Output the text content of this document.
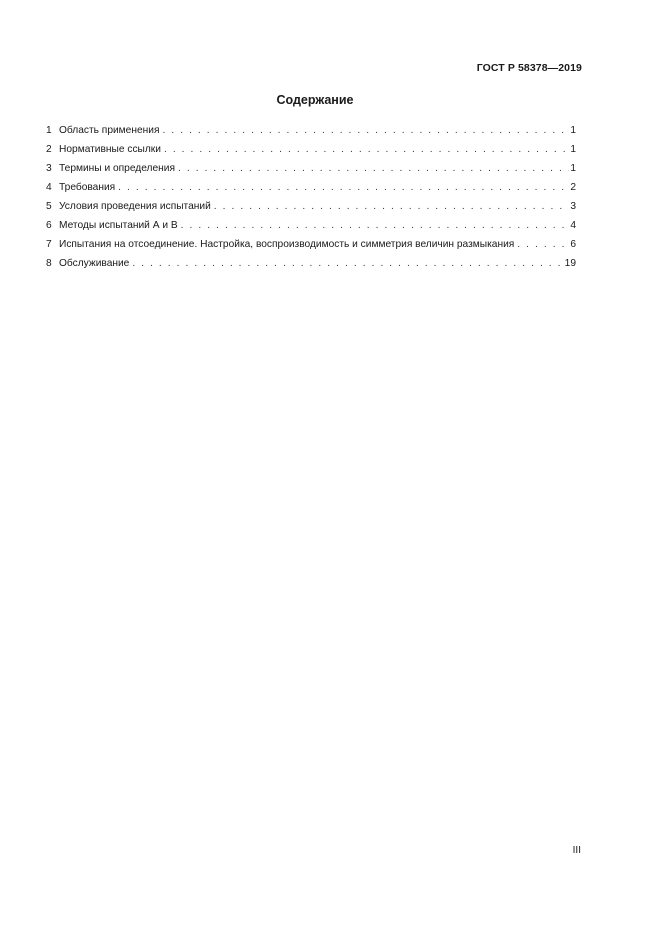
ГОСТ Р 58378—2019
Содержание
1 Область применения . . .	1
2 Нормативные ссылки . . .	1
3 Термины и определения . . .	1
4 Требования . . .	2
5 Условия проведения испытаний . . .	3
6 Методы испытаний А и В . . .	4
7 Испытания на отсоединение. Настройка, воспроизводимость и симметрия величин размыкания . . .	6
8 Обслуживание . . .	19
III
